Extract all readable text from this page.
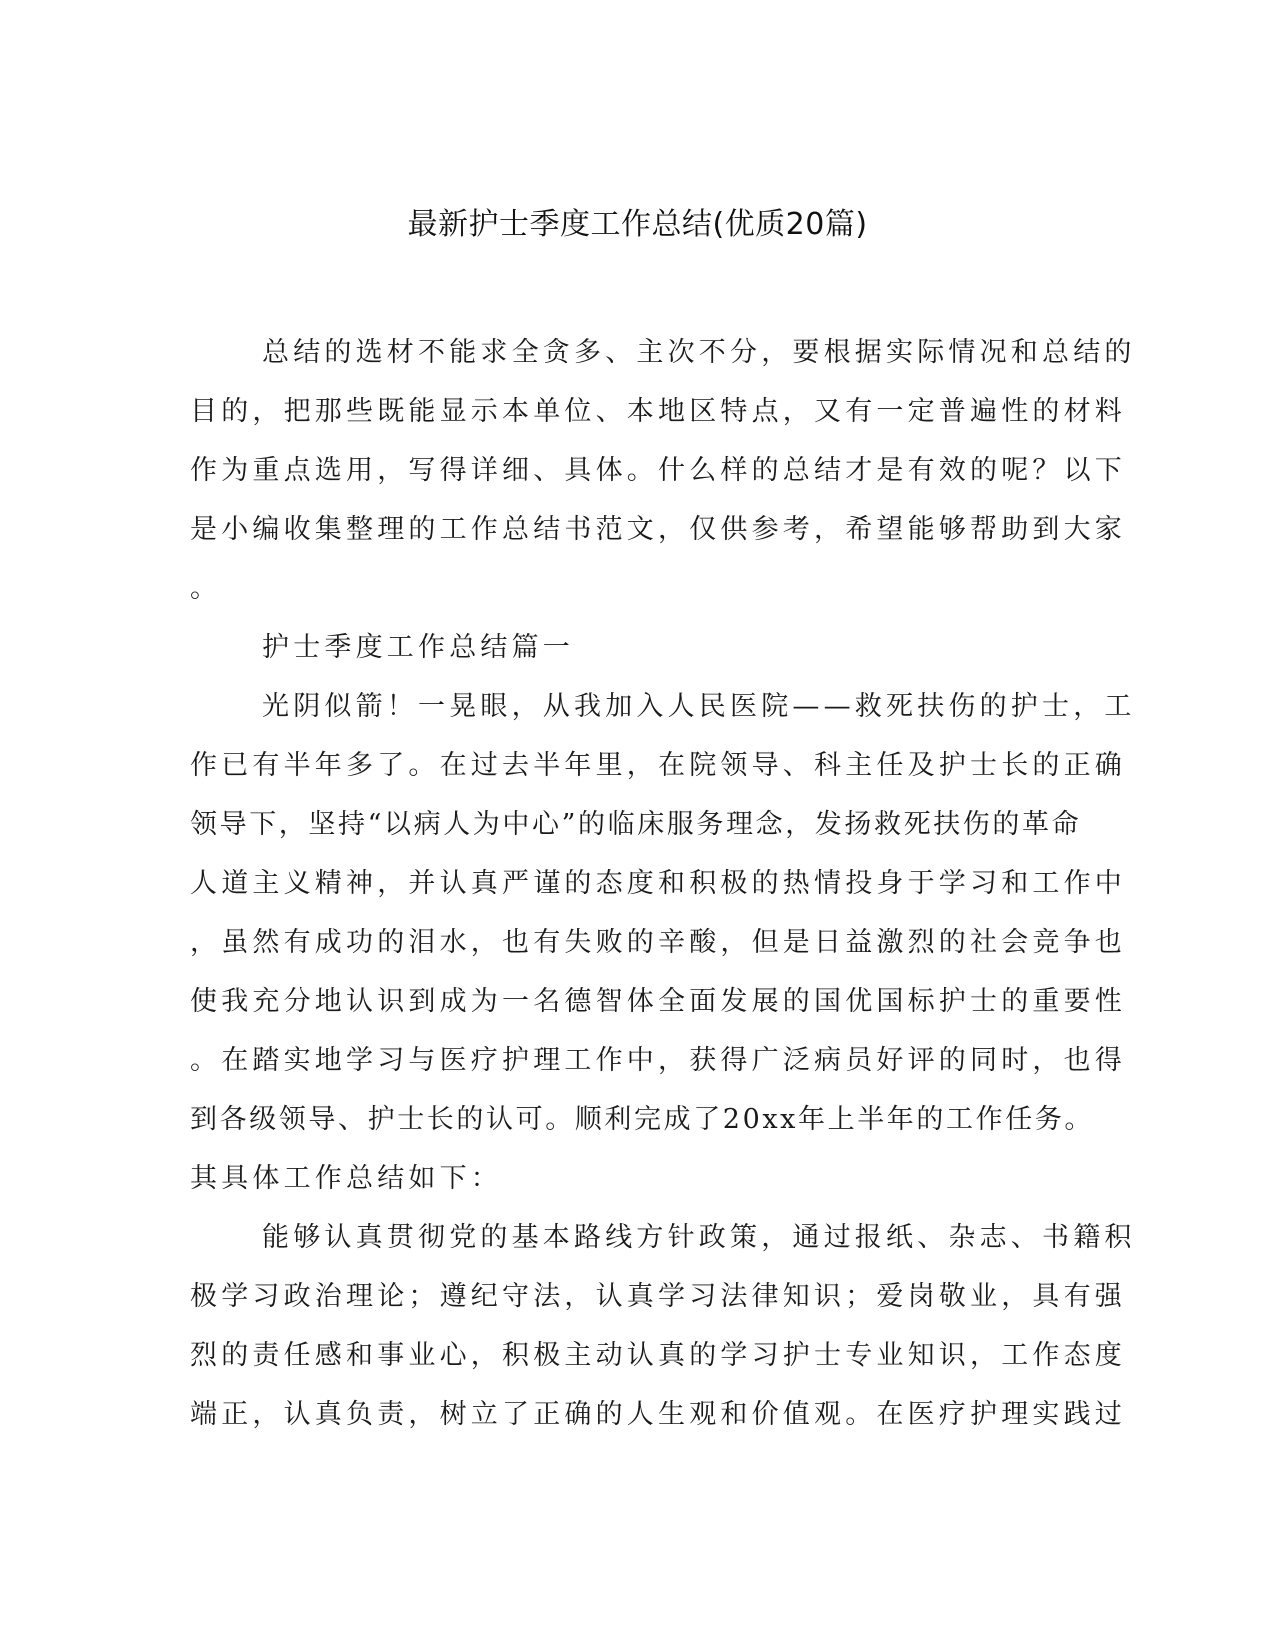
最新护士季度工作总结(优质20篇)
总结的选材不能求全贪多、主次不分，要根据实际情况和总结的
目的，把那些既能显示本单位、本地区特点，又有一定普遍性的材料
作为重点选用，写得详细、具体。什么样的总结才是有效的呢？以下
是小编收集整理的工作总结书范文，仅供参考，希望能够帮助到大家
。
护士季度工作总结篇一
光阴似箭！一晃眼，从我加入人民医院——救死扶伤的护士，工
作已有半年多了。在过去半年里，在院领导、科主任及护士长的正确
领导下，坚持“以病人为中心”的临床服务理念，发扬救死扶伤的革命
人道主义精神，并认真严谨的态度和积极的热情投身于学习和工作中
，虽然有成功的泪水，也有失败的辛酸，但是日益激烈的社会竞争也
使我充分地认识到成为一名德智体全面发展的国优国标护士的重要性
。在踏实地学习与医疗护理工作中，获得广泛病员好评的同时，也得
到各级领导、护士长的认可。顺利完成了20xx年上半年的工作任务。
其具体工作总结如下：
能够认真贯彻党的基本路线方针政策，通过报纸、杂志、书籍积
极学习政治理论；遵纪守法，认真学习法律知识；爱岗敬业，具有强
烈的责任感和事业心，积极主动认真的学习护士专业知识，工作态度
端正，认真负责，树立了正确的人生观和价值观。在医疗护理实践过
